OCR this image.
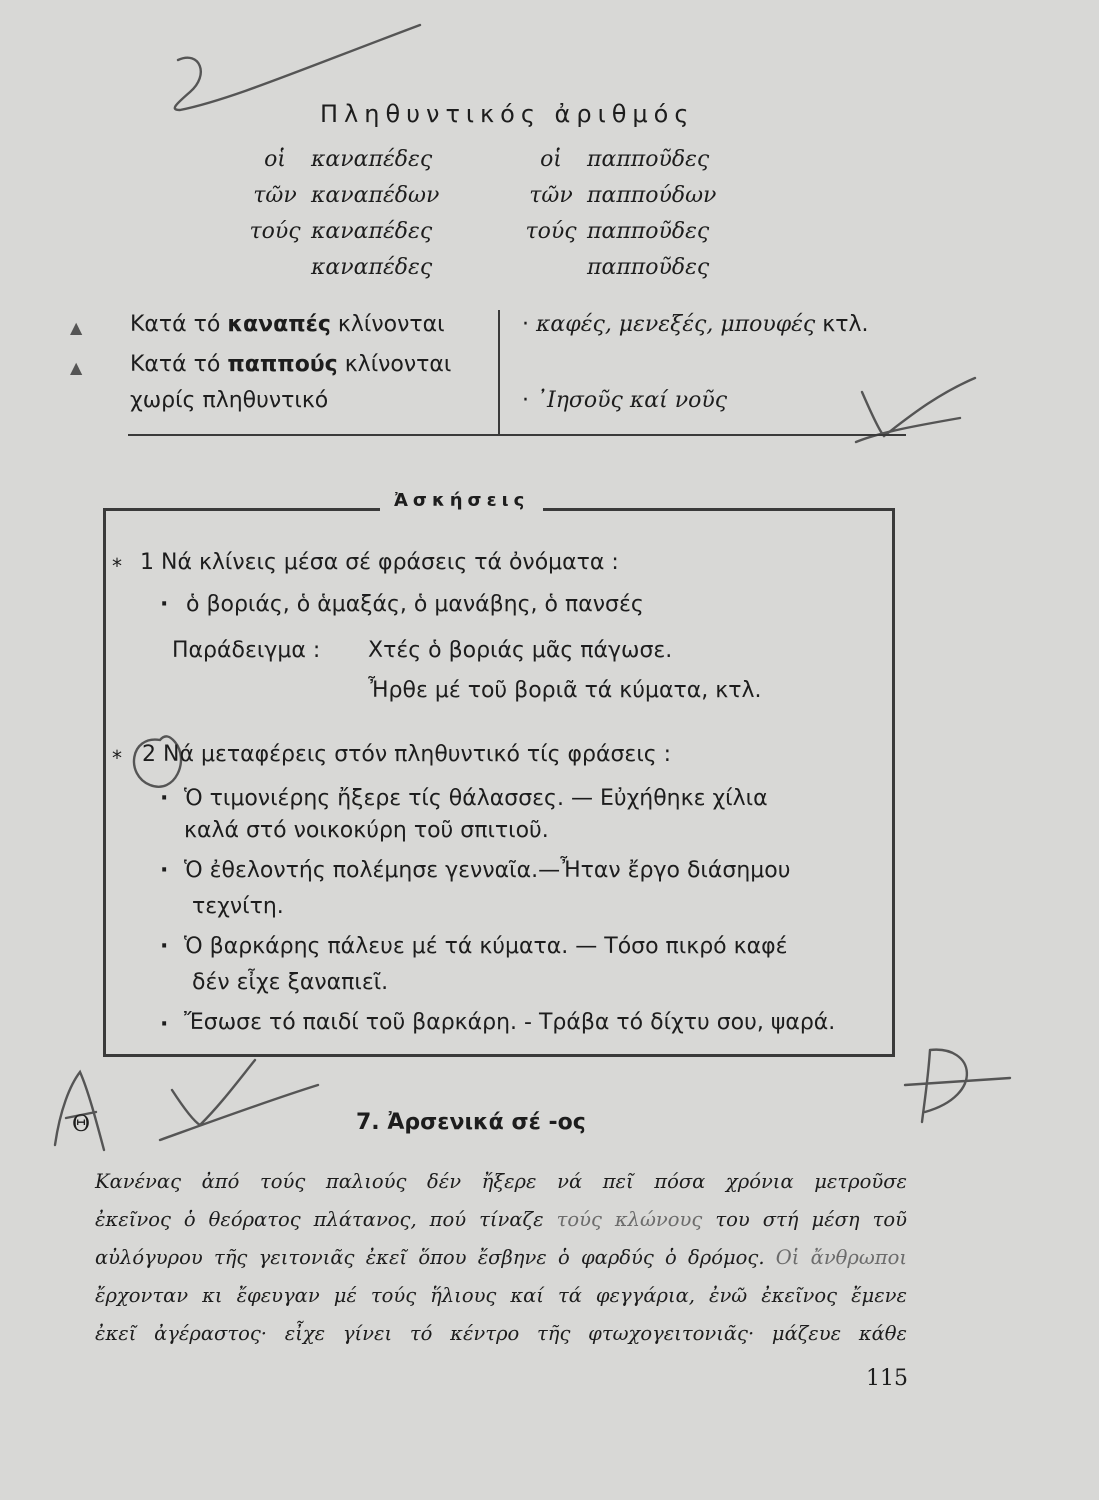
Πληθυντικός ἀριθμός
οἱ καναπέδες
τῶν καναπέδων
τούς καναπέδες
καναπέδες
οἱ παπποῦδες
τῶν παππούδων
τούς παπποῦδες
παπποῦδες
▲
▲
Κατά τό καναπές κλίνονται
Κατά τό παππούς κλίνονται
χωρίς πληθυντικό
· καφές, μενεξές, μπουφές κτλ.
· ᾿Ιησοῦς καί νοῦς
Ἀσκήσεις
* 1 Νά κλίνεις μέσα σέ φράσεις τά ὀνόματα :
· ὁ βοριάς, ὁ ἁμαξάς, ὁ μανάβης, ὁ πανσές
Παράδειγμα : Χτές ὁ βοριάς μᾶς πάγωσε.
Ἦρθε μέ τοῦ βοριᾶ τά κύματα, κτλ.
* 2 Νά μεταφέρεις στόν πληθυντικό τίς φράσεις :
· Ὁ τιμονιέρης ἤξερε τίς θάλασσες. — Εὐχήθηκε χίλια
καλά στό νοικοκύρη τοῦ σπιτιοῦ.
· Ὁ ἐθελοντής πολέμησε γενναῖα.—Ἦταν ἔργο διάσημου
τεχνίτη.
· Ὁ βαρκάρης πάλευε μέ τά κύματα. — Τόσο πικρό καφέ
δέν εἶχε ξαναπιεῖ.
· Ἔσωσε τό παιδί τοῦ βαρκάρη. - Τράβα τό δίχτυ σου, ψαρά.
Θ	7. Ἀρσενικά σέ -ος
Κανένας ἀπό τούς παλιούς δέν ἤξερε νά πεῖ πόσα χρόνια μετροῦσε
ἐκεῖνος ὁ θεόρατος πλάτανος, πού τίναζε τούς κλώνους του στή μέση τοῦ
αὐλόγυρου τῆς γειτονιᾶς ἐκεῖ ὅπου ἔσβηνε ὁ φαρδύς ὁ δρόμος. Οἱ ἄνθρωποι
ἔρχονταν κι ἔφευγαν μέ τούς ἥλιους καί τά φεγγάρια, ἐνῶ ἐκεῖνος ἔμενε
ἐκεῖ ἀγέραστος· εἶχε γίνει τό κέντρο τῆς φτωχογειτονιᾶς· μάζευε κάθε
115
